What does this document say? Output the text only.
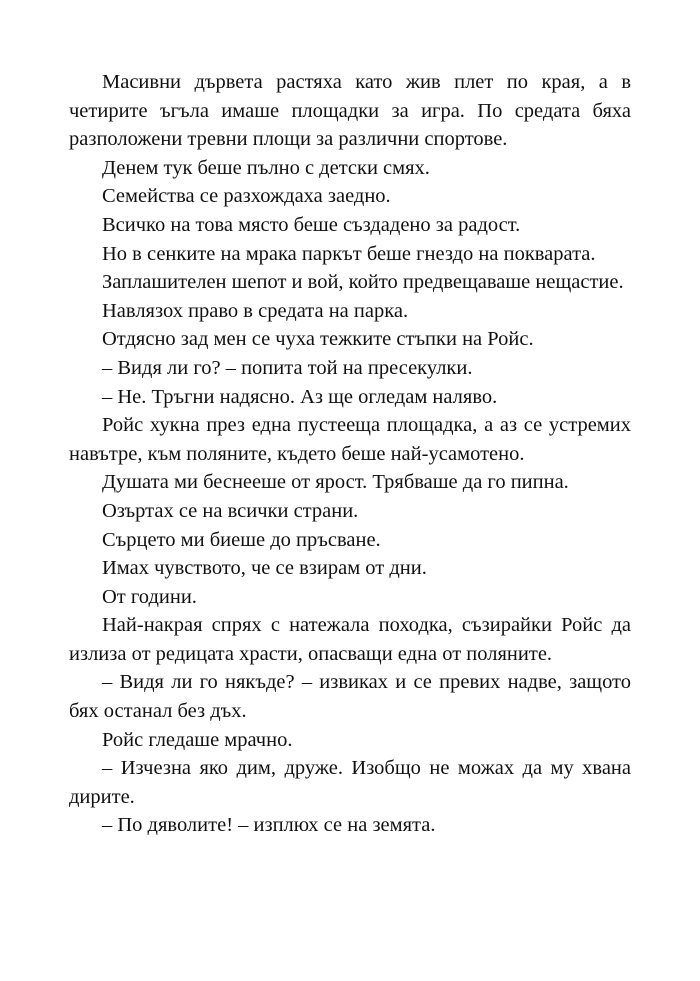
Масивни дървета растяха като жив плет по края, а в четирите ъгъла имаше площадки за игра. По средата бяха разположени тревни площи за различни спортове.

Денем тук беше пълно с детски смях.

Семейства се разхождаха заедно.

Всичко на това място беше създадено за радост.

Но в сенките на мрака паркът беше гнездо на покварата.

Заплашителен шепот и вой, който предвещаваше нещастие.

Навлязох право в средата на парка.

Отдясно зад мен се чуха тежките стъпки на Ройс.

– Видя ли го? – попита той на пресекулки.

– Не. Тръгни надясно. Аз ще огледам наляво.

Ройс хукна през една пустееща площадка, а аз се устремих навътре, към поляните, където беше най-усамотено.

Душата ми беснееше от ярост. Трябваше да го пипна.

Озъртах се на всички страни.

Сърцето ми биеше до пръсване.

Имах чувството, че се взирам от дни.

От години.

Най-накрая спрях с натежала походка, съзирайки Ройс да излиза от редицата храсти, опасващи една от поляните.

– Видя ли го някъде? – извиках и се превих надве, защото бях останал без дъх.

Ройс гледаше мрачно.

– Изчезна яко дим, друже. Изобщо не можах да му хвана дирите.

– По дяволите! – изплюх се на земята.
